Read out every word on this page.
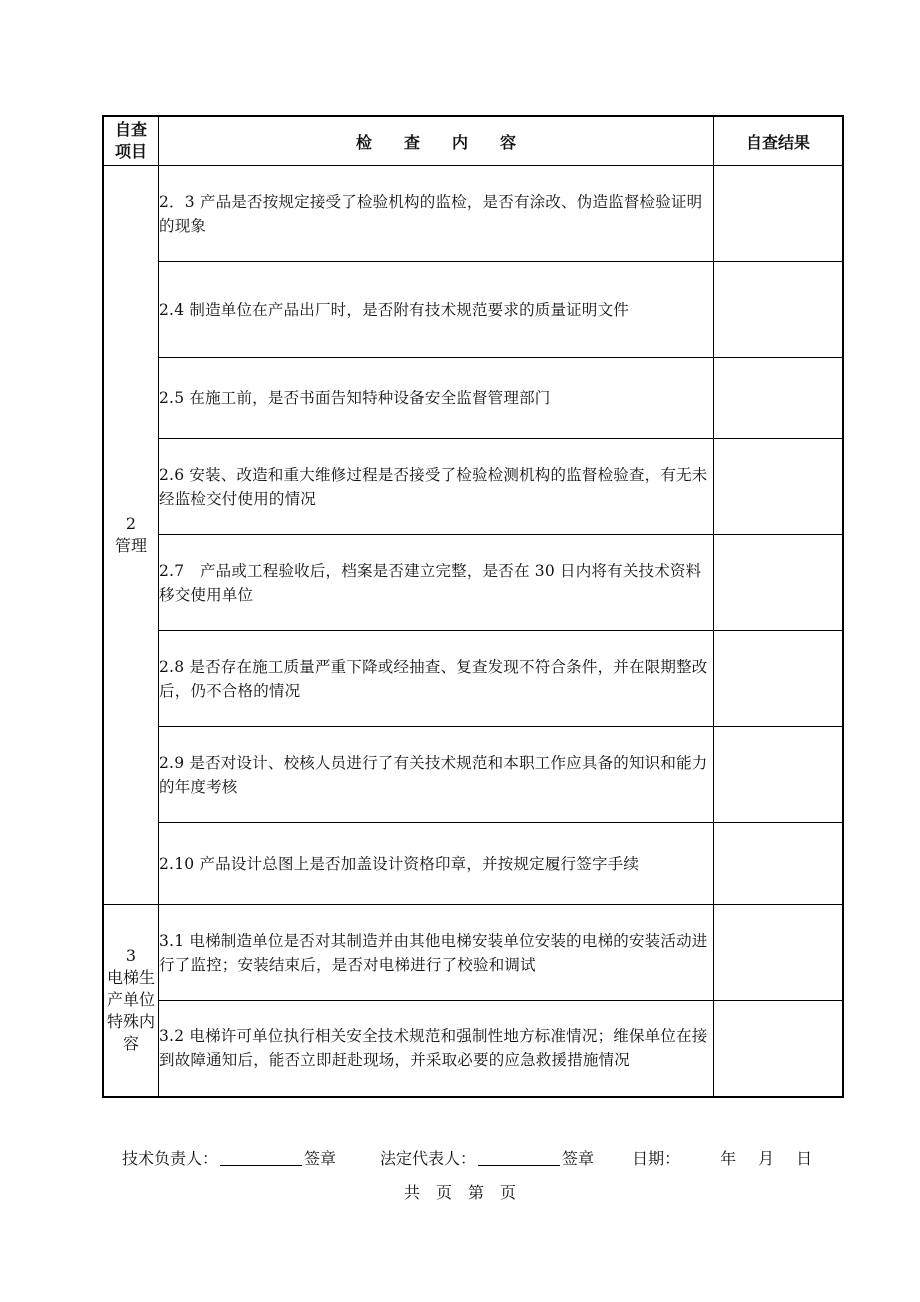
自查
项目	检　　查　　内　　容	自查结果

2
管理	2．3 产品是否按规定接受了检验机构的监检，是否有涂改、伪造监督检验证明的现象	
	2.4 制造单位在产品出厂时，是否附有技术规范要求的质量证明文件	
	2.5 在施工前，是否书面告知特种设备安全监督管理部门	
	2.6 安装、改造和重大维修过程是否接受了检验检测机构的监督检验查，有无未经监检交付使用的情况	
	2.7　产品或工程验收后，档案是否建立完整，是否在 30 日内将有关技术资料移交使用单位	
	2.8 是否存在施工质量严重下降或经抽查、复查发现不符合条件，并在限期整改后，仍不合格的情况	
	2.9 是否对设计、校核人员进行了有关技术规范和本职工作应具备的知识和能力的年度考核	
	2.10 产品设计总图上是否加盖设计资格印章，并按规定履行签字手续	

3
电梯生产单位特殊内容	3.1 电梯制造单位是否对其制造并由其他电梯安装单位安装的电梯的安装活动进行了监控；安装结束后，是否对电梯进行了校验和调试	
	3.2 电梯许可单位执行相关安全技术规范和强制性地方标准情况；维保单位在接到故障通知后，能否立即赶赴现场，并采取必要的应急救援措施情况	
技术负责人：	签章	法定代表人：	签章 日期：	年 月 日
共　页　第　页
